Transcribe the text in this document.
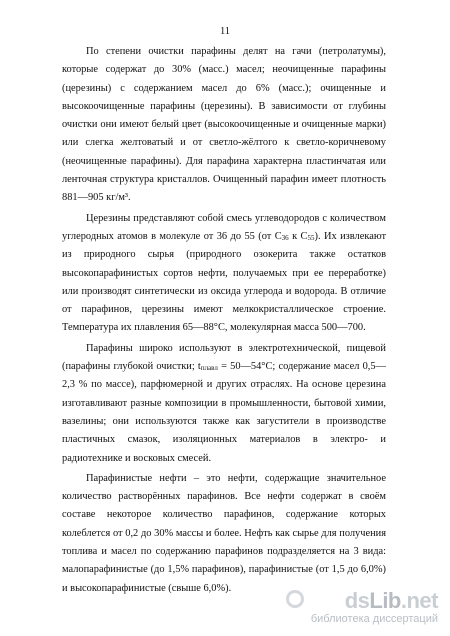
11

По степени очистки парафины делят на гачи (петролатумы), которые содержат до 30% (масс.) масел; неочищенные парафины (церезины) с содержанием масел до 6% (масс.); очищенные и высокоочищенные парафины (церезины). В зависимости от глубины очистки они имеют белый цвет (высокоочищенные и очищенные марки) или слегка желтоватый и от светло-жёлтого к светло-коричневому (неочищенные парафины). Для парафина характерна пластинчатая или ленточная структура кристаллов. Очищенный парафин имеет плотность 881—905 кг/м³.

Церезины представляют собой смесь углеводородов с количеством углеродных атомов в молекуле от 36 до 55 (от $С_{36}$ к $С_{55}$). Их извлекают из природного сырья (природного озокерита также остатков высокопарафинистых сортов нефти, получаемых при ее переработке) или производят синтетически из оксида углерода и водорода. В отличие от парафинов, церезины имеют мелкокристаллическое строение. Температура их плавления 65—88°С, молекулярная масса 500—700.

Парафины широко используют в электротехнической, пищевой (парафины глубокой очистки; $t_{плавл}$ = 50—54°С; содержание масел 0,5—2,3 % по массе), парфюмерной и других отраслях. На основе церезина изготавливают разные композиции в промышленности, бытовой химии, вазелины; они используются также как загустители в производстве пластичных смазок, изоляционных материалов в электро- и радиотехнике и восковых смесей.

Парафинистые нефти – это нефти, содержащие значительное количество растворённых парафинов. Все нефти содержат в своём составе некоторое количество парафинов, содержание которых колеблется от 0,2 до 30% массы и более. Нефть как сырье для получения топлива и масел по содержанию парафинов подразделяется на 3 вида: малопарафинистые (до 1,5% парафинов), парафинистые (от 1,5 до 6,0%) и высокопарафинистые (свыше 6,0%).	dsLib.net
библиотека диссертаций
